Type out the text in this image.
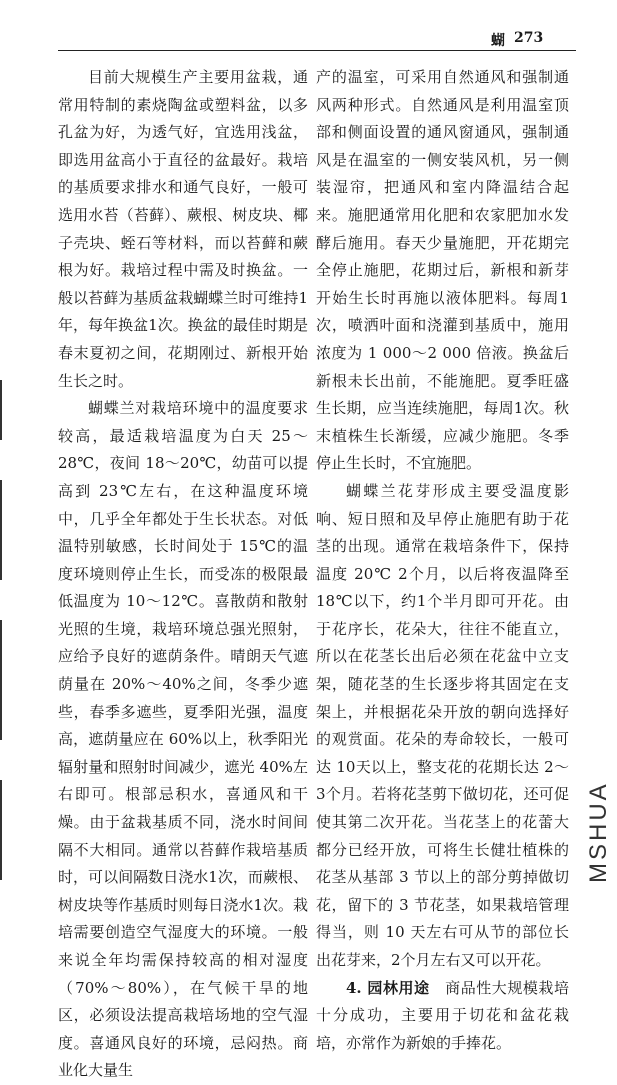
蝴 273

目前大规模生产主要用盆栽，通常用特制的素烧陶盆或塑料盆，以多孔盆为好，为透气好，宜选用浅盆，即选用盆高小于直径的盆最好。栽培的基质要求排水和通气良好，一般可选用水苔（苔藓）、蕨根、树皮块、椰子壳块、蛭石等材料，而以苔藓和蕨根为好。栽培过程中需及时换盆。一般以苔藓为基质盆栽蝴蝶兰时可维持1年，每年换盆1次。换盆的最佳时期是春末夏初之间，花期刚过、新根开始生长之时。

蝴蝶兰对栽培环境中的温度要求较高，最适栽培温度为白天 25～28℃，夜间 18～20℃，幼苗可以提高到 23℃左右，在这种温度环境中，几乎全年都处于生长状态。对低温特别敏感，长时间处于 15℃的温度环境则停止生长，而受冻的极限最低温度为 10～12℃。喜散荫和散射光照的生境，栽培环境总强光照射，应给予良好的遮荫条件。晴朗天气遮荫量在 20%～40%之间，冬季少遮些，春季多遮些，夏季阳光强，温度高，遮荫量应在 60%以上，秋季阳光辐射量和照射时间减少，遮光 40%左右即可。根部忌积水，喜通风和干燥。由于盆栽基质不同，浇水时间间隔不大相同。通常以苔藓作栽培基质时，可以间隔数日浇水1次，而蕨根、树皮块等作基质时则每日浇水1次。栽培需要创造空气湿度大的环境。一般来说全年均需保持较高的相对湿度（70%～80%），在气候干旱的地区，必须设法提高栽培场地的空气湿度。喜通风良好的环境，忌闷热。商业化大量生

产的温室，可采用自然通风和强制通风两种形式。自然通风是利用温室顶部和侧面设置的通风窗通风，强制通风是在温室的一侧安装风机，另一侧装湿帘，把通风和室内降温结合起来。施肥通常用化肥和农家肥加水发酵后施用。春天少量施肥，开花期完全停止施肥，花期过后，新根和新芽开始生长时再施以液体肥料。每周1次，喷洒叶面和浇灌到基质中，施用浓度为 1 000～2 000 倍液。换盆后新根未长出前，不能施肥。夏季旺盛生长期，应当连续施肥，每周1次。秋末植株生长渐缓，应减少施肥。冬季停止生长时，不宜施肥。

蝴蝶兰花芽形成主要受温度影响、短日照和及早停止施肥有助于花茎的出现。通常在栽培条件下，保持温度 20℃ 2个月，以后将夜温降至 18℃以下，约1个半月即可开花。由于花序长，花朵大，往往不能直立，所以在花茎长出后必须在花盆中立支架，随花茎的生长逐步将其固定在支架上，并根据花朵开放的朝向选择好的观赏面。花朵的寿命较长，一般可达 10天以上，整支花的花期长达 2～3个月。若将花茎剪下做切花，还可促使其第二次开花。当花茎上的花蕾大都分已经开放，可将生长健壮植株的花茎从基部 3 节以上的部分剪掉做切花，留下的 3 节花茎，如果栽培管理得当，则 10 天左右可从节的部位长出花芽来，2个月左右又可以开花。

4. 园林用途　 商品性大规模栽培十分成功，主要用于切花和盆花栽培，亦常作为新娘的手捧花。

MSHUA
